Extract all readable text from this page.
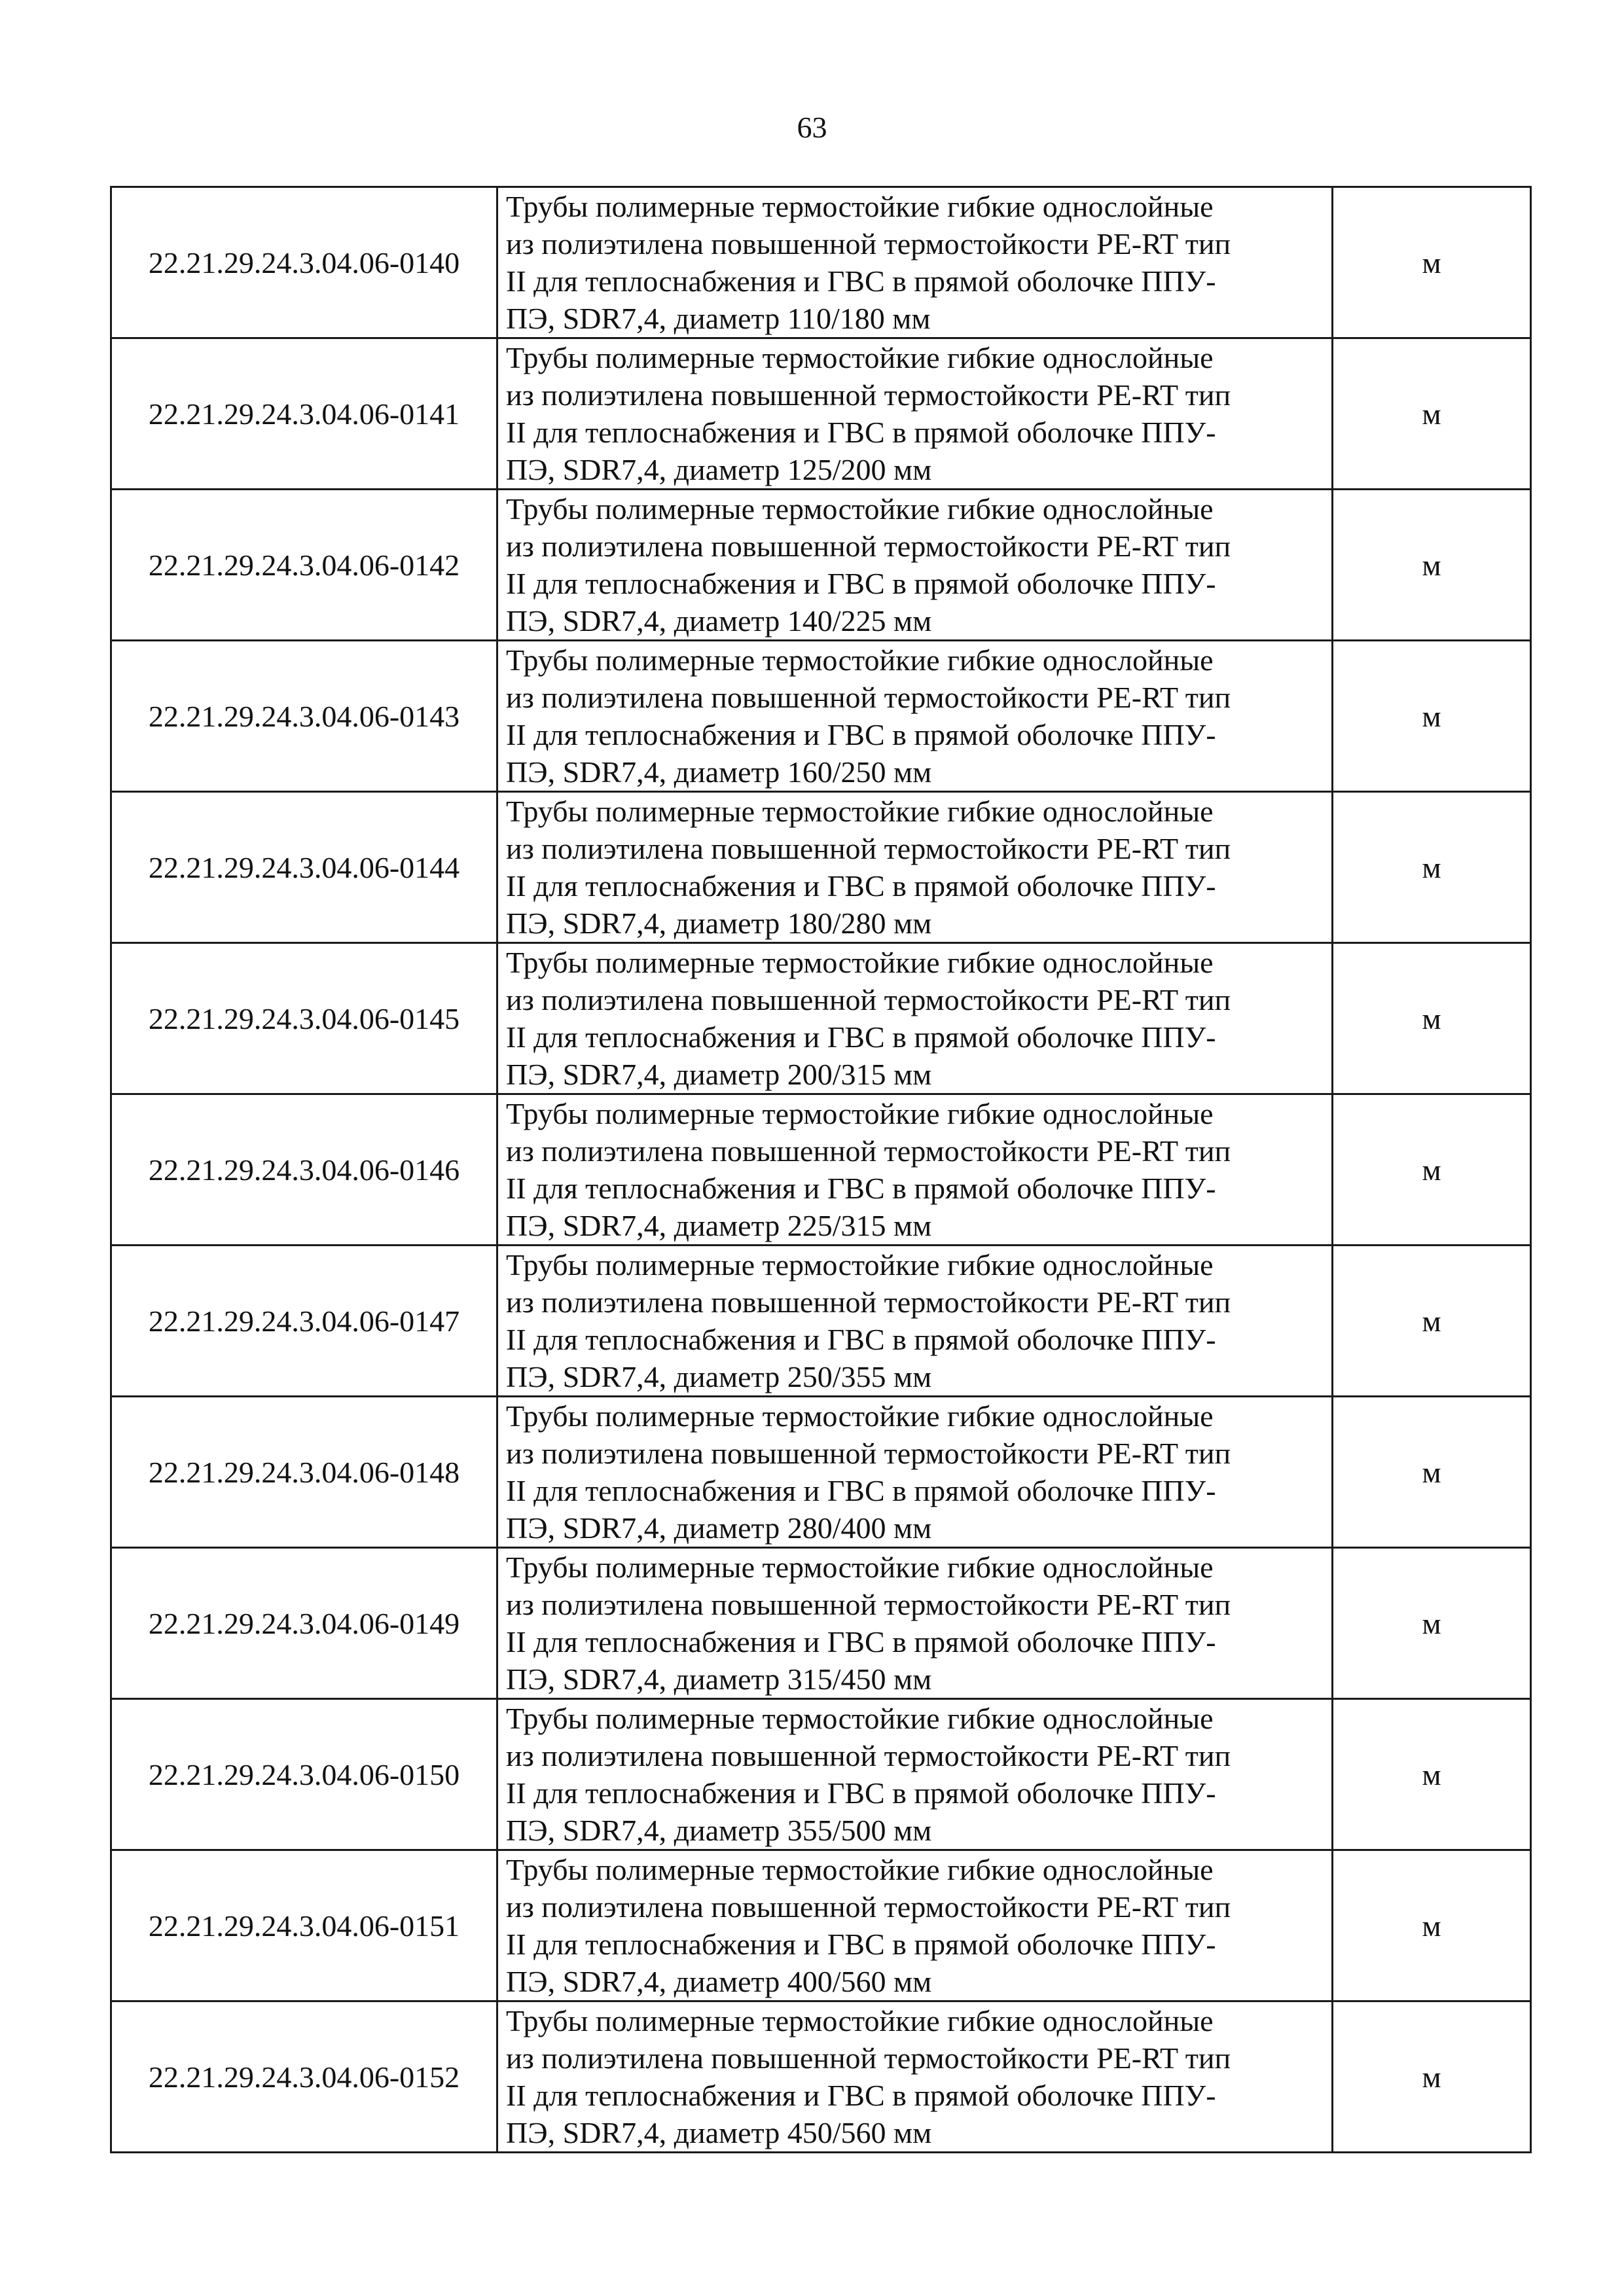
63
22.21.29.24.3.04.06-0140	Трубы полимерные термостойкие гибкие однослойные
из полиэтилена повышенной термостойкости PE-RT тип
II для теплоснабжения и ГВС в прямой оболочке ППУ-
ПЭ, SDR7,4, диаметр 110/180 мм	м
22.21.29.24.3.04.06-0141	Трубы полимерные термостойкие гибкие однослойные
из полиэтилена повышенной термостойкости PE-RT тип
II для теплоснабжения и ГВС в прямой оболочке ППУ-
ПЭ, SDR7,4, диаметр 125/200 мм	м
22.21.29.24.3.04.06-0142	Трубы полимерные термостойкие гибкие однослойные
из полиэтилена повышенной термостойкости PE-RT тип
II для теплоснабжения и ГВС в прямой оболочке ППУ-
ПЭ, SDR7,4, диаметр 140/225 мм	м
22.21.29.24.3.04.06-0143	Трубы полимерные термостойкие гибкие однослойные
из полиэтилена повышенной термостойкости PE-RT тип
II для теплоснабжения и ГВС в прямой оболочке ППУ-
ПЭ, SDR7,4, диаметр 160/250 мм	м
22.21.29.24.3.04.06-0144	Трубы полимерные термостойкие гибкие однослойные
из полиэтилена повышенной термостойкости PE-RT тип
II для теплоснабжения и ГВС в прямой оболочке ППУ-
ПЭ, SDR7,4, диаметр 180/280 мм	м
22.21.29.24.3.04.06-0145	Трубы полимерные термостойкие гибкие однослойные
из полиэтилена повышенной термостойкости PE-RT тип
II для теплоснабжения и ГВС в прямой оболочке ППУ-
ПЭ, SDR7,4, диаметр 200/315 мм	м
22.21.29.24.3.04.06-0146	Трубы полимерные термостойкие гибкие однослойные
из полиэтилена повышенной термостойкости PE-RT тип
II для теплоснабжения и ГВС в прямой оболочке ППУ-
ПЭ, SDR7,4, диаметр 225/315 мм	м
22.21.29.24.3.04.06-0147	Трубы полимерные термостойкие гибкие однослойные
из полиэтилена повышенной термостойкости PE-RT тип
II для теплоснабжения и ГВС в прямой оболочке ППУ-
ПЭ, SDR7,4, диаметр 250/355 мм	м
22.21.29.24.3.04.06-0148	Трубы полимерные термостойкие гибкие однослойные
из полиэтилена повышенной термостойкости PE-RT тип
II для теплоснабжения и ГВС в прямой оболочке ППУ-
ПЭ, SDR7,4, диаметр 280/400 мм	м
22.21.29.24.3.04.06-0149	Трубы полимерные термостойкие гибкие однослойные
из полиэтилена повышенной термостойкости PE-RT тип
II для теплоснабжения и ГВС в прямой оболочке ППУ-
ПЭ, SDR7,4, диаметр 315/450 мм	м
22.21.29.24.3.04.06-0150	Трубы полимерные термостойкие гибкие однослойные
из полиэтилена повышенной термостойкости PE-RT тип
II для теплоснабжения и ГВС в прямой оболочке ППУ-
ПЭ, SDR7,4, диаметр 355/500 мм	м
22.21.29.24.3.04.06-0151	Трубы полимерные термостойкие гибкие однослойные
из полиэтилена повышенной термостойкости PE-RT тип
II для теплоснабжения и ГВС в прямой оболочке ППУ-
ПЭ, SDR7,4, диаметр 400/560 мм	м
22.21.29.24.3.04.06-0152	Трубы полимерные термостойкие гибкие однослойные
из полиэтилена повышенной термостойкости PE-RT тип
II для теплоснабжения и ГВС в прямой оболочке ППУ-
ПЭ, SDR7,4, диаметр 450/560 мм	м
